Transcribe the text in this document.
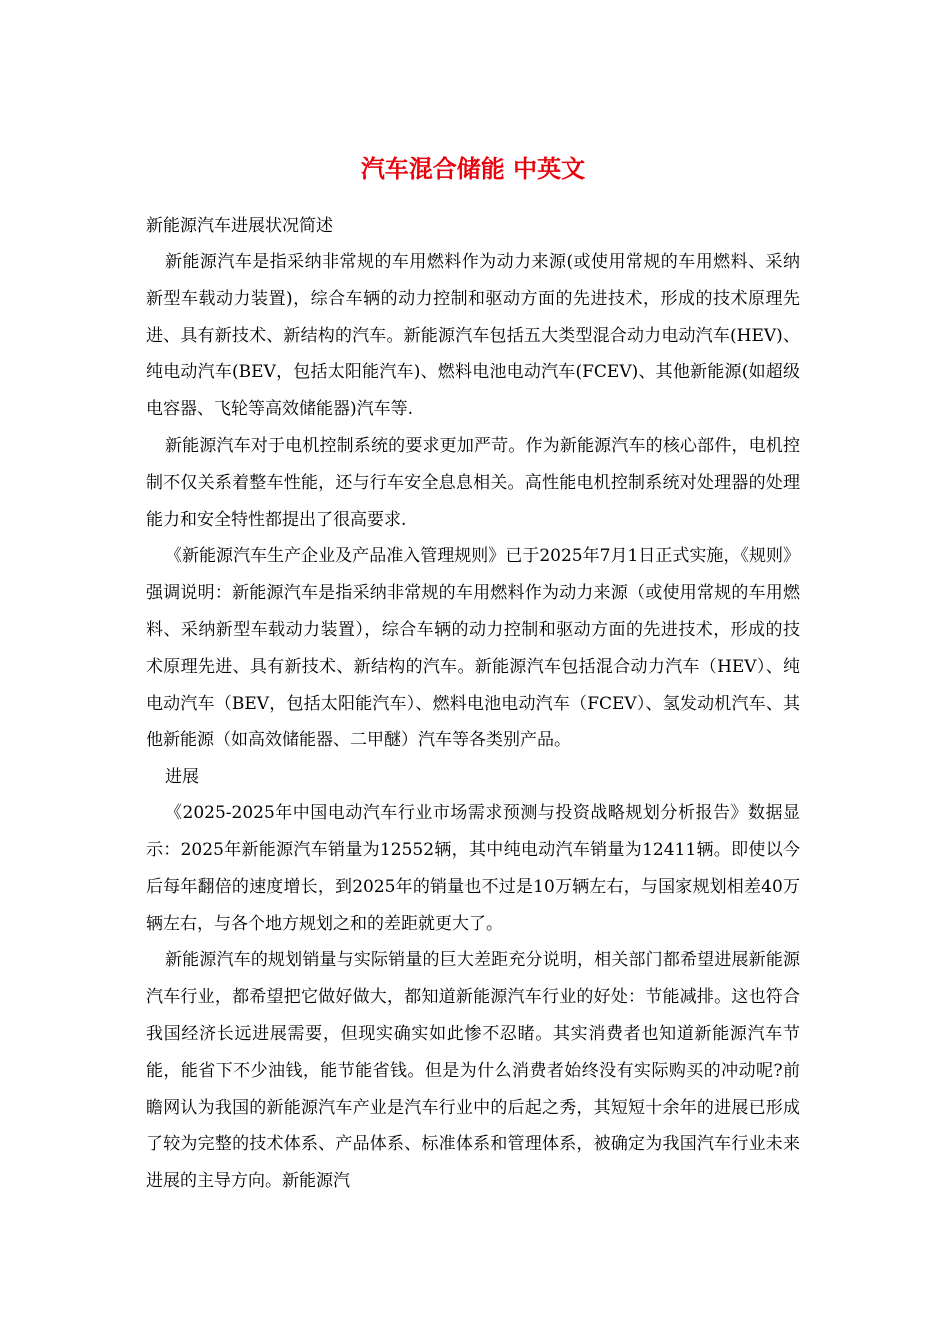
汽车混合储能 中英文

新能源汽车进展状况简述

新能源汽车是指采纳非常规的车用燃料作为动力来源(或使用常规的车用燃料、采纳新型车载动力装置)，综合车辆的动力控制和驱动方面的先进技术，形成的技术原理先进、具有新技术、新结构的汽车。新能源汽车包括五大类型混合动力电动汽车(HEV)、纯电动汽车(BEV，包括太阳能汽车)、燃料电池电动汽车(FCEV)、其他新能源(如超级电容器、飞轮等高效储能器)汽车等.

新能源汽车对于电机控制系统的要求更加严苛。作为新能源汽车的核心部件，电机控制不仅关系着整车性能，还与行车安全息息相关。高性能电机控制系统对处理器的处理能力和安全特性都提出了很高要求.

《新能源汽车生产企业及产品准入管理规则》已于2025年7月1日正式实施，《规则》强调说明：新能源汽车是指采纳非常规的车用燃料作为动力来源（或使用常规的车用燃料、采纳新型车载动力装置），综合车辆的动力控制和驱动方面的先进技术，形成的技术原理先进、具有新技术、新结构的汽车。新能源汽车包括混合动力汽车（HEV）、纯电动汽车（BEV，包括太阳能汽车）、燃料电池电动汽车（FCEV）、氢发动机汽车、其他新能源（如高效储能器、二甲醚）汽车等各类别产品。

进展

《2025-2025年中国电动汽车行业市场需求预测与投资战略规划分析报告》数据显示：2025年新能源汽车销量为12552辆，其中纯电动汽车销量为12411辆。即使以今后每年翻倍的速度增长，到2025年的销量也不过是10万辆左右，与国家规划相差40万辆左右，与各个地方规划之和的差距就更大了。

新能源汽车的规划销量与实际销量的巨大差距充分说明，相关部门都希望进展新能源汽车行业，都希望把它做好做大，都知道新能源汽车行业的好处：节能减排。这也符合我国经济长远进展需要，但现实确实如此惨不忍睹。其实消费者也知道新能源汽车节能，能省下不少油钱，能节能省钱。但是为什么消费者始终没有实际购买的冲动呢?前瞻网认为我国的新能源汽车产业是汽车行业中的后起之秀，其短短十余年的进展已形成了较为完整的技术体系、产品体系、标准体系和管理体系，被确定为我国汽车行业未来进展的主导方向。新能源汽
